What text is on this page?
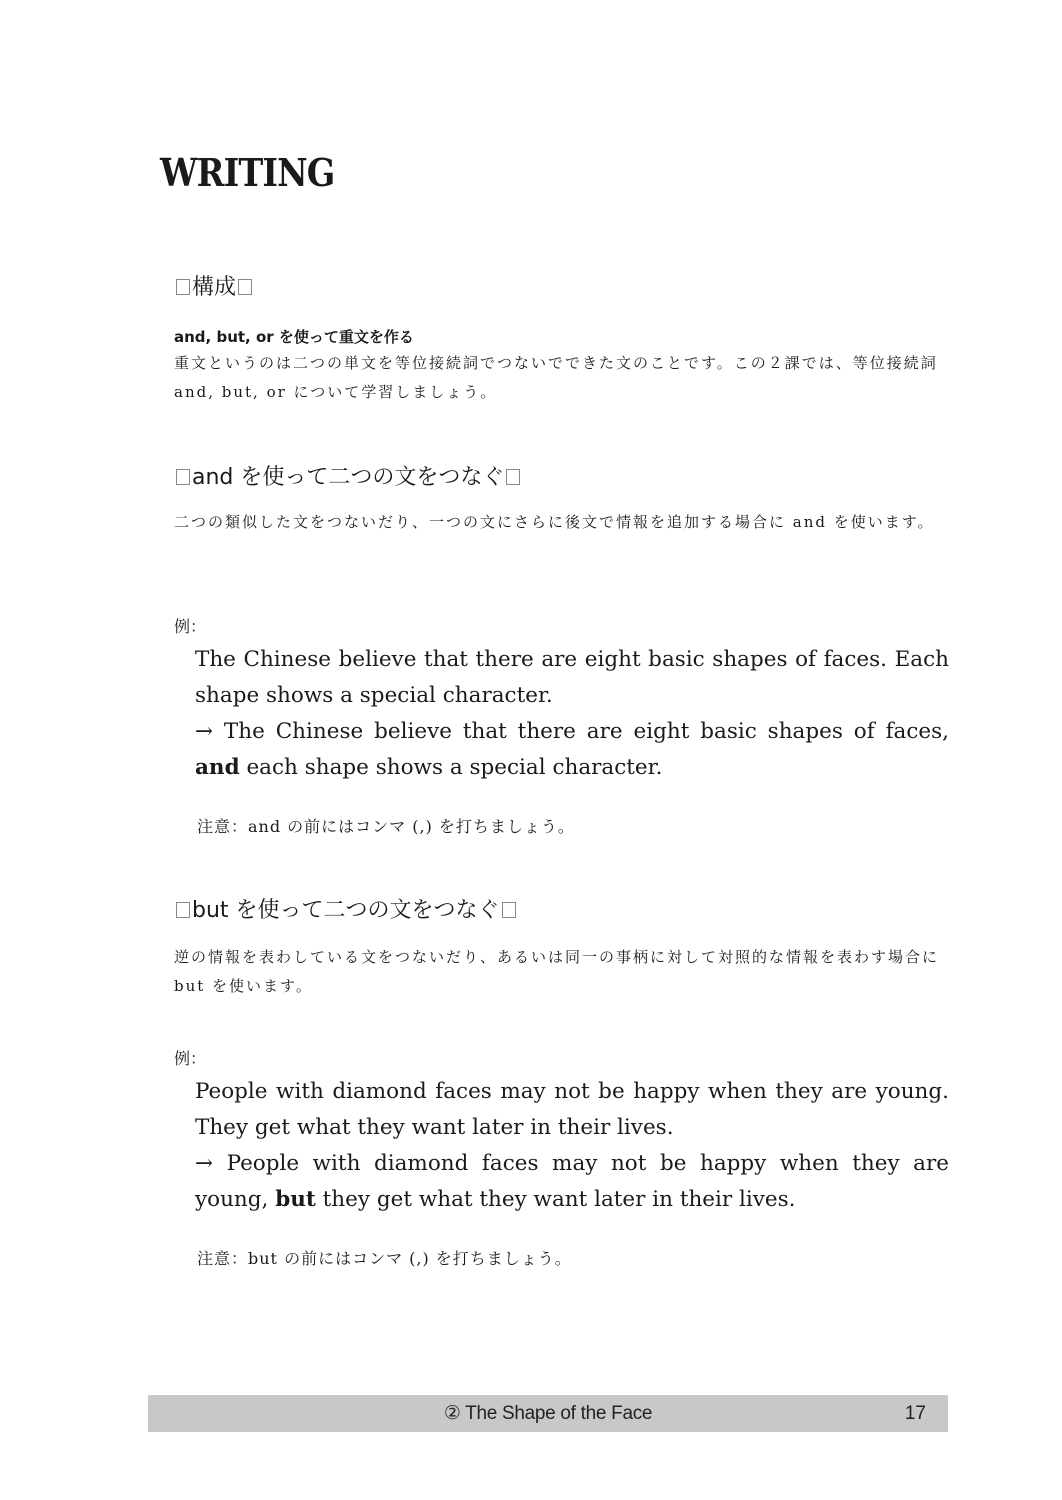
WRITING
構成
and, but, or を使って重文を作る

重文というのは二つの単文を等位接続詞でつないでできた文のことです。この２課では、等位接続詞 and, but, or について学習しましょう。

and を使って二つの文をつなぐ

二つの類似した文をつないだり、一つの文にさらに後文で情報を追加する場合に and を使います。

例：

The Chinese believe that there are eight basic shapes of faces. Each shape shows a special character.

→ The Chinese believe that there are eight basic shapes of faces, and each shape shows a special character.

注意：and の前にはコンマ (,) を打ちましょう。

but を使って二つの文をつなぐ

逆の情報を表わしている文をつないだり、あるいは同一の事柄に対して対照的な情報を表わす場合に but を使います。

例：

People with diamond faces may not be happy when they are young. They get what they want later in their lives.

→ People with diamond faces may not be happy when they are young, but they get what they want later in their lives.

注意：but の前にはコンマ (,) を打ちましょう。

② The Shape of the Face	17
